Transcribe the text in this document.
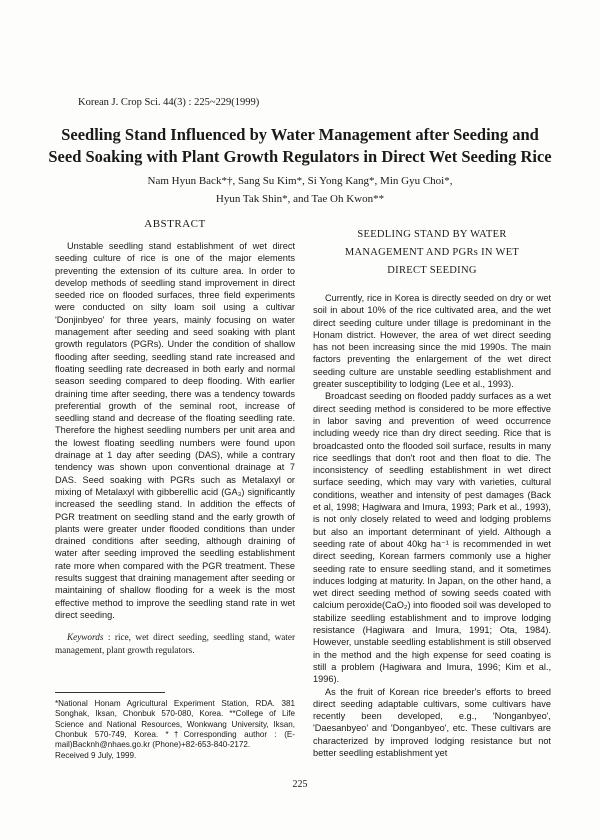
Korean J. Crop Sci. 44(3) : 225~229(1999)
Seedling Stand Influenced by Water Management after Seeding and
Seed Soaking with Plant Growth Regulators in Direct Wet Seeding Rice
Nam Hyun Back*†, Sang Su Kim*, Si Yong Kang*, Min Gyu Choi*,
Hyun Tak Shin*, and Tae Oh Kwon**
ABSTRACT

Unstable seedling stand establishment of wet direct seeding culture of rice is one of the major elements preventing the extension of its culture area. In order to develop methods of seedling stand improvement in direct seeded rice on flooded surfaces, three field experiments were conducted on silty loam soil using a cultivar 'Donjinbyeo' for three years, mainly focusing on water management after seeding and seed soaking with plant growth regulators (PGRs). Under the condition of shallow flooding after seeding, seedling stand rate increased and floating seedling rate decreased in both early and normal season seeding compared to deep flooding. With earlier draining time after seeding, there was a tendency towards preferential growth of the seminal root, increase of seedling stand and decrease of the floating seedling rate. Therefore the highest seedling numbers per unit area and the lowest floating seedling numbers were found upon drainage at 1 day after seeding (DAS), while a contrary tendency was shown upon conventional drainage at 7 DAS. Seed soaking with PGRs such as Metalaxyl or mixing of Metalaxyl with gibberellic acid (GA₃) significantly increased the seedling stand. In addition the effects of PGR treatment on seedling stand and the early growth of plants were greater under flooded conditions than under drained conditions after seeding, although draining of water after seeding improved the seedling establishment rate more when compared with the PGR treatment. These results suggest that draining management after seeding or maintaining of shallow flooding for a week is the most effective method to improve the seedling stand rate in wet direct seeding.

Keywords : rice, wet direct seeding, seedling stand, water management, plant growth regulators.

*National Honam Agricultural Experiment Station, RDA. 381 Songhak, Iksan, Chonbuk 570-080, Korea. **College of Life Science and National Resources, Wonkwang University, Iksan, Chonbuk 570-749, Korea. *†Corresponding author : (E-mail)Backnh@nhaes.go.kr (Phone)+82-653-840-2172.
Received 9 July, 1999.
SEEDLING STAND BY WATER
MANAGEMENT AND PGRs IN WET
DIRECT SEEDING

Currently, rice in Korea is directly seeded on dry or wet soil in about 10% of the rice cultivated area, and the wet direct seeding culture under tillage is predominant in the Honam district. However, the area of wet direct seeding has not been increasing since the mid 1990s. The main factors preventing the enlargement of the wet direct seeding culture are unstable seedling establishment and greater susceptibility to lodging (Lee et al., 1993).

Broadcast seeding on flooded paddy surfaces as a wet direct seeding method is considered to be more effective in labor saving and prevention of weed occurrence including weedy rice than dry direct seeding. Rice that is broadcasted onto the flooded soil surface, results in many rice seedlings that don't root and then float to die. The inconsistency of seedling establishment in wet direct surface seeding, which may vary with varieties, cultural conditions, weather and intensity of pest damages (Back et al, 1998; Hagiwara and Imura, 1993; Park et al., 1993), is not only closely related to weed and lodging problems but also an important determinant of yield. Although a seeding rate of about 40kg ha⁻¹ is recommended in wet direct seeding, Korean farmers commonly use a higher seeding rate to ensure seedling stand, and it sometimes induces lodging at maturity. In Japan, on the other hand, a wet direct seeding method of sowing seeds coated with calcium peroxide(CaO₂) into flooded soil was developed to stabilize seedling establishment and to improve lodging resistance (Hagiwara and Imura, 1991; Ota, 1984). However, unstable seedling establishment is still observed in the method and the high expense for seed coating is still a problem (Hagiwara and Imura, 1996; Kim et al., 1996).

As the fruit of Korean rice breeder's efforts to breed direct seeding adaptable cultivars, some cultivars have recently been developed, e.g., 'Nonganbyeo', 'Daesanbyeo' and 'Donganbyeo', etc. These cultivars are characterized by improved lodging resistance but not better seedling establishment yet

225
